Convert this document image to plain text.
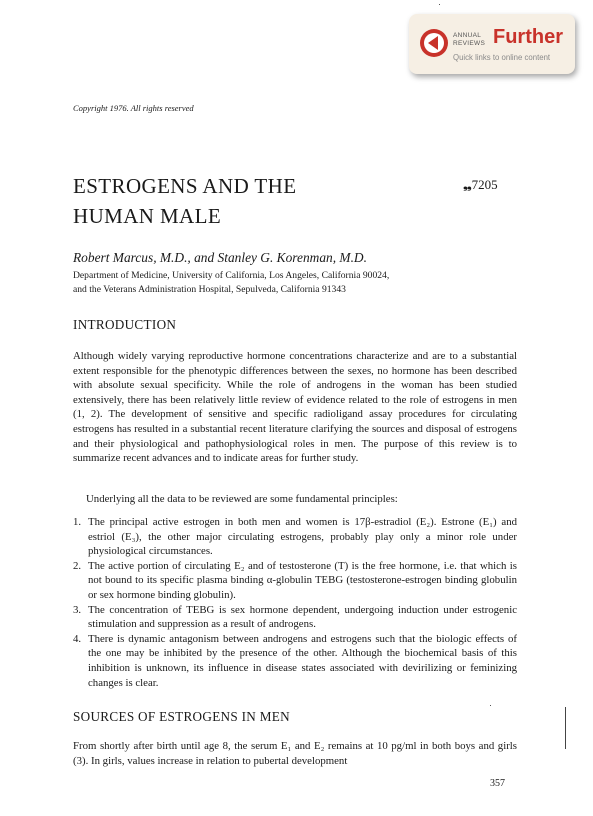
ANNUAL
REVIEWS Further
Quick links to online content
Copyright 1976. All rights reserved
ESTROGENS AND THE
HUMAN MALE
❠7205
Robert Marcus, M.D., and Stanley G. Korenman, M.D.
Department of Medicine, University of California, Los Angeles, California 90024,
and the Veterans Administration Hospital, Sepulveda, California 91343
INTRODUCTION
Although widely varying reproductive hormone concentrations characterize and are to a substantial extent responsible for the phenotypic differences between the sexes, no hormone has been described with absolute sexual specificity. While the role of androgens in the woman has been studied extensively, there has been relatively little review of evidence related to the role of estrogens in men (1, 2). The development of sensitive and specific radioligand assay procedures for circulating estrogens has resulted in a substantial recent literature clarifying the sources and disposal of estrogens and their physiological and pathophysiological roles in men. The purpose of this review is to summarize recent advances and to indicate areas for further study.
Underlying all the data to be reviewed are some fundamental principles:
1. The principal active estrogen in both men and women is 17β-estradiol (E₂). Estrone (E₁) and estriol (E₃), the other major circulating estrogens, probably play only a minor role under physiological circumstances.
2. The active portion of circulating E₂ and of testosterone (T) is the free hormone, i.e. that which is not bound to its specific plasma binding α-globulin TEBG (testosterone-estrogen binding globulin or sex hormone binding globulin).
3. The concentration of TEBG is sex hormone dependent, undergoing induction under estrogenic stimulation and suppression as a result of androgens.
4. There is dynamic antagonism between androgens and estrogens such that the biologic effects of the one may be inhibited by the presence of the other. Although the biochemical basis of this inhibition is unknown, its influence in disease states associated with devirilizing or feminizing changes is clear.
SOURCES OF ESTROGENS IN MEN
From shortly after birth until age 8, the serum E₁ and E₂ remains at 10 pg/ml in both boys and girls (3). In girls, values increase in relation to pubertal development
357
